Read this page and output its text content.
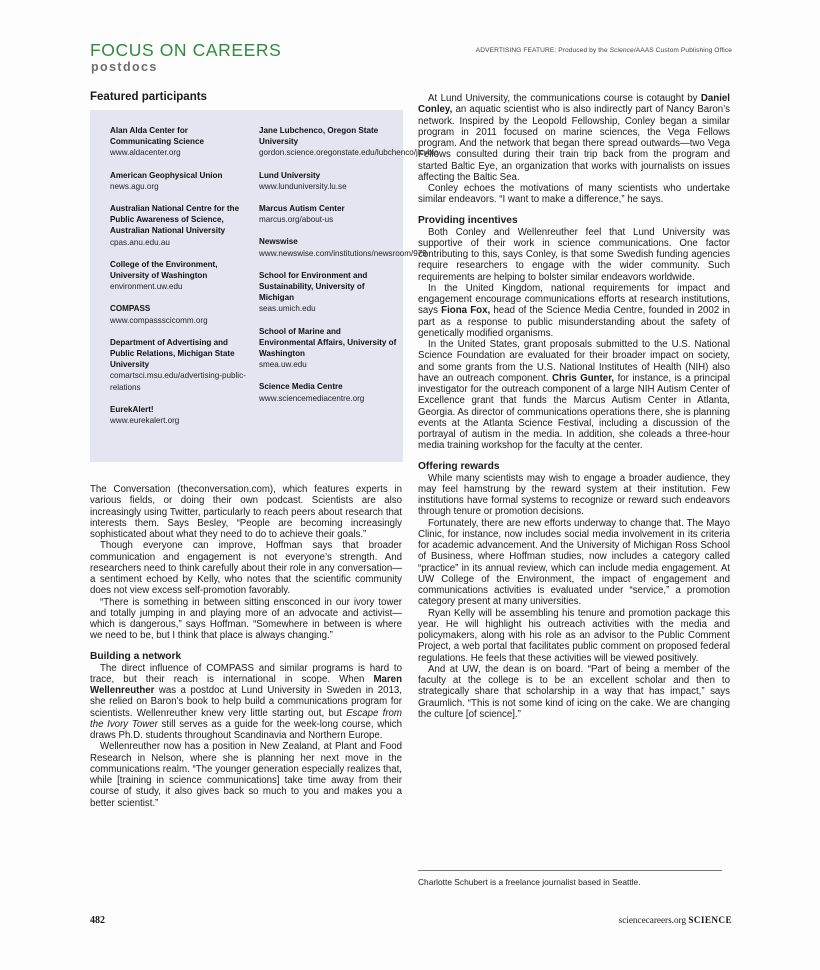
FOCUS ON CAREERS
postdocs
ADVERTISING FEATURE: Produced by the Science/AAAS Custom Publishing Office
Featured participants
Alan Alda Center for Communicating Science
www.aldacenter.org
American Geophysical Union
news.agu.org
Australian National Centre for the Public Awareness of Science, Australian National University
cpas.anu.edu.au
College of the Environment, University of Washington
environment.uw.edu
COMPASS
www.compassscicomm.org
Department of Advertising and Public Relations, Michigan State University
comartsci.msu.edu/advertising-public-relations
EurekAlert!
www.eurekalert.org
Jane Lubchenco, Oregon State University
gordon.science.oregonstate.edu/lubchenco/jlcvbio
Lund University
www.lunduniversity.lu.se
Marcus Autism Center
marcus.org/about-us
Newswise
www.newswise.com/institutions/newsroom/979
School for Environment and Sustainability, University of Michigan
seas.umich.edu
School of Marine and Environmental Affairs, University of Washington
smea.uw.edu
Science Media Centre
www.sciencemediacentre.org

The Conversation (theconversation.com), which features experts in various fields, or doing their own podcast. Scientists are also increasingly using Twitter, particularly to reach peers about research that interests them. Says Besley, “People are becoming increasingly sophisticated about what they need to do to achieve their goals.”

Though everyone can improve, Hoffman says that broader communication and engagement is not everyone’s strength. And researchers need to think carefully about their role in any conversation—a sentiment echoed by Kelly, who notes that the scientific community does not view excess self-promotion favorably.

“There is something in between sitting ensconced in our ivory tower and totally jumping in and playing more of an advocate and activist—which is dangerous,” says Hoffman. “Somewhere in between is where we need to be, but I think that place is always changing.”

Building a network

The direct influence of COMPASS and similar programs is hard to trace, but their reach is international in scope. When Maren Wellenreuther was a postdoc at Lund University in Sweden in 2013, she relied on Baron’s book to help build a communications program for scientists. Wellenreuther knew very little starting out, but Escape from the Ivory Tower still serves as a guide for the week-long course, which draws Ph.D. students throughout Scandinavia and Northern Europe.

Wellenreuther now has a position in New Zealand, at Plant and Food Research in Nelson, where she is planning her next move in the communications realm. “The younger generation especially realizes that, while [training in science communications] take time away from their course of study, it also gives back so much to you and makes you a better scientist.”

At Lund University, the communications course is cotaught by Daniel Conley, an aquatic scientist who is also indirectly part of Nancy Baron’s network. Inspired by the Leopold Fellowship, Conley began a similar program in 2011 focused on marine sciences, the Vega Fellows program. And the network that began there spread outwards—two Vega Fellows consulted during their train trip back from the program and started Baltic Eye, an organization that works with journalists on issues affecting the Baltic Sea.

Conley echoes the motivations of many scientists who undertake similar endeavors. “I want to make a difference,” he says.

Providing incentives

Both Conley and Wellenreuther feel that Lund University was supportive of their work in science communications. One factor contributing to this, says Conley, is that some Swedish funding agencies require researchers to engage with the wider community. Such requirements are helping to bolster similar endeavors worldwide.

In the United Kingdom, national requirements for impact and engagement encourage communications efforts at research institutions, says Fiona Fox, head of the Science Media Centre, founded in 2002 in part as a response to public misunderstanding about the safety of genetically modified organisms.

In the United States, grant proposals submitted to the U.S. National Science Foundation are evaluated for their broader impact on society, and some grants from the U.S. National Institutes of Health (NIH) also have an outreach component. Chris Gunter, for instance, is a principal investigator for the outreach component of a large NIH Autism Center of Excellence grant that funds the Marcus Autism Center in Atlanta, Georgia. As director of communications operations there, she is planning events at the Atlanta Science Festival, including a discussion of the portrayal of autism in the media. In addition, she coleads a three-hour media training workshop for the faculty at the center.

Offering rewards

While many scientists may wish to engage a broader audience, they may feel hamstrung by the reward system at their institution. Few institutions have formal systems to recognize or reward such endeavors through tenure or promotion decisions.

Fortunately, there are new efforts underway to change that. The Mayo Clinic, for instance, now includes social media involvement in its criteria for academic advancement. And the University of Michigan Ross School of Business, where Hoffman studies, now includes a category called “practice” in its annual review, which can include media engagement. At UW College of the Environment, the impact of engagement and communications activities is evaluated under “service,” a promotion category present at many universities.

Ryan Kelly will be assembling his tenure and promotion package this year. He will highlight his outreach activities with the media and policymakers, along with his role as an advisor to the Public Comment Project, a web portal that facilitates public comment on proposed federal regulations. He feels that these activities will be viewed positively.

And at UW, the dean is on board. “Part of being a member of the faculty at the college is to be an excellent scholar and then to strategically share that scholarship in a way that has impact,” says Graumlich. “This is not some kind of icing on the cake. We are changing the culture [of science].”

Charlotte Schubert is a freelance journalist based in Seattle.
482	sciencecareers.org SCIENCE
